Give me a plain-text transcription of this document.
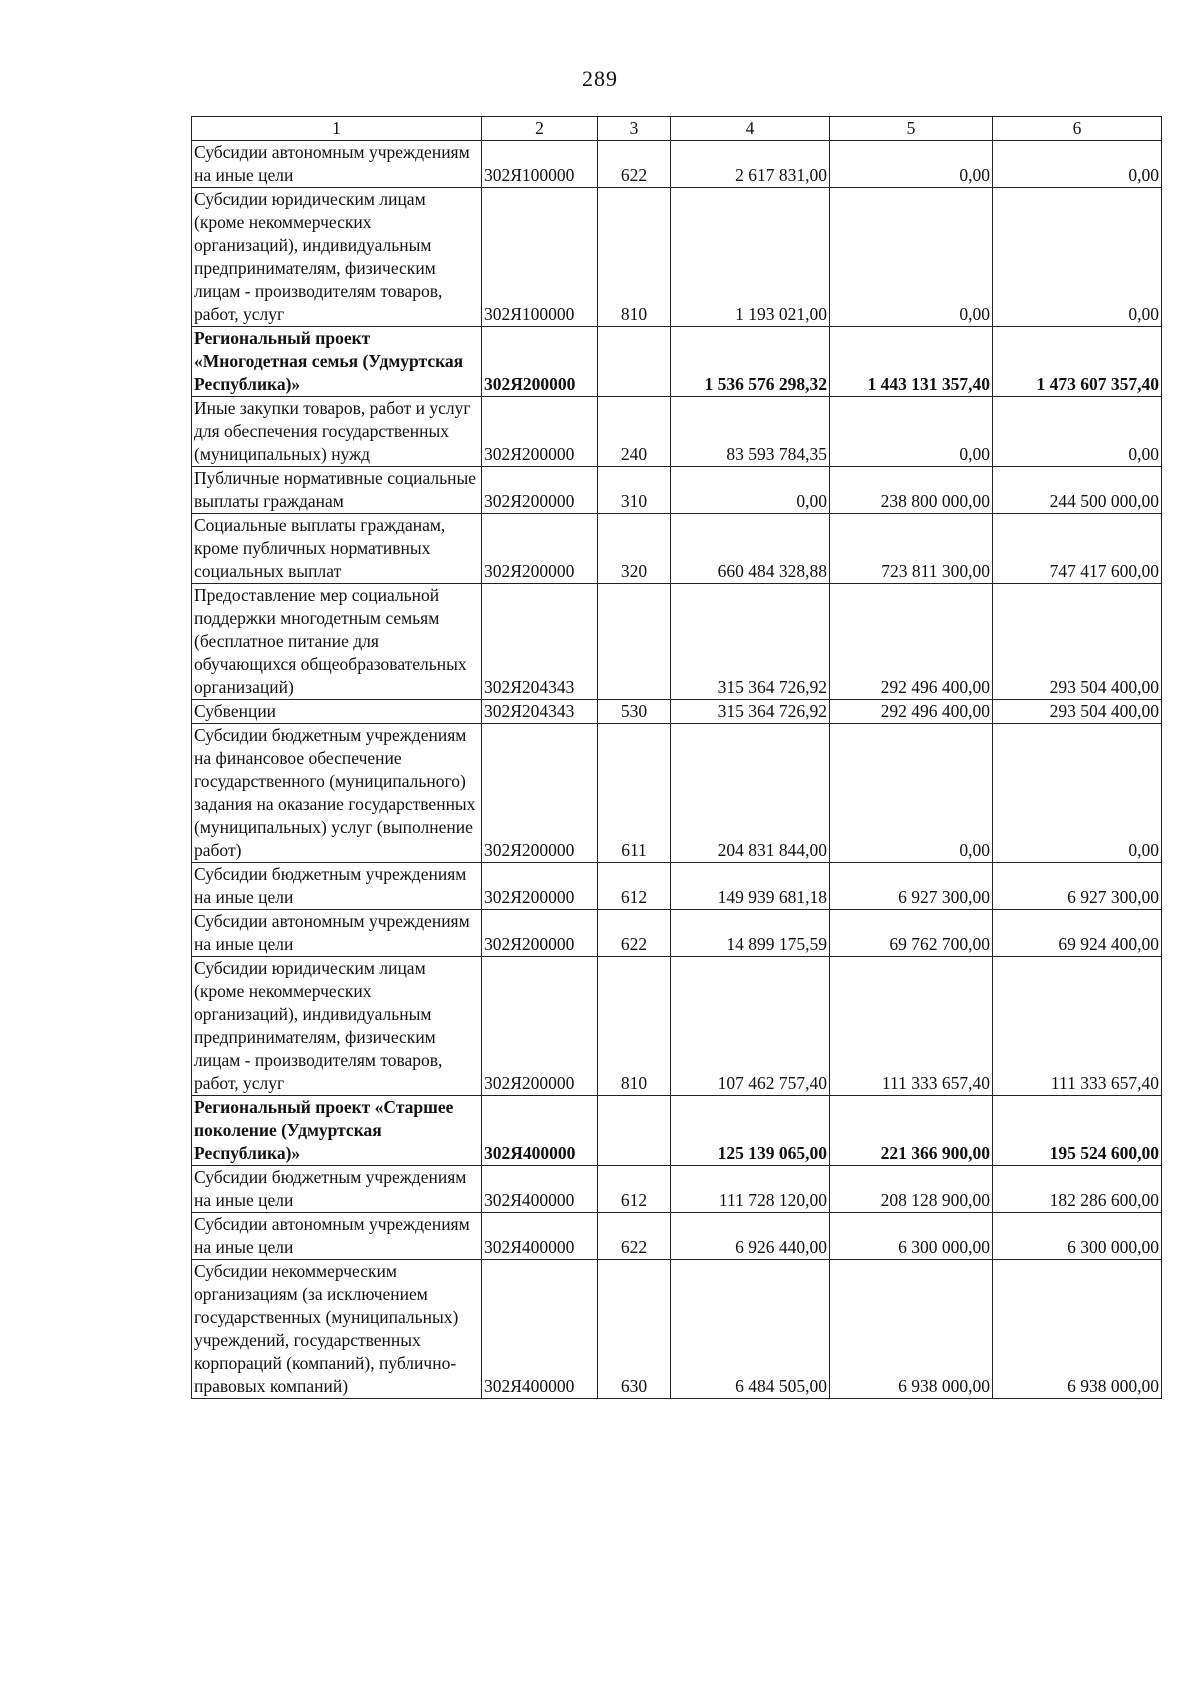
289
1	2	3	4	5	6
Субсидии автономным учреждениям на иные цели	302Я100000	622	2 617 831,00	0,00	0,00
Субсидии юридическим лицам (кроме некоммерческих организаций), индивидуальным предпринимателям, физическим лицам - производителям товаров, работ, услуг	302Я100000	810	1 193 021,00	0,00	0,00
Региональный проект «Многодетная семья (Удмуртская Республика)»	302Я200000		1 536 576 298,32	1 443 131 357,40	1 473 607 357,40
Иные закупки товаров, работ и услуг для обеспечения государственных (муниципальных) нужд	302Я200000	240	83 593 784,35	0,00	0,00
Публичные нормативные социальные выплаты гражданам	302Я200000	310	0,00	238 800 000,00	244 500 000,00
Социальные выплаты гражданам, кроме публичных нормативных социальных выплат	302Я200000	320	660 484 328,88	723 811 300,00	747 417 600,00
Предоставление мер социальной поддержки многодетным семьям (бесплатное питание для обучающихся общеобразовательных организаций)	302Я204343		315 364 726,92	292 496 400,00	293 504 400,00
Субвенции	302Я204343	530	315 364 726,92	292 496 400,00	293 504 400,00
Субсидии бюджетным учреждениям на финансовое обеспечение государственного (муниципального) задания на оказание государственных (муниципальных) услуг (выполнение работ)	302Я200000	611	204 831 844,00	0,00	0,00
Субсидии бюджетным учреждениям на иные цели	302Я200000	612	149 939 681,18	6 927 300,00	6 927 300,00
Субсидии автономным учреждениям на иные цели	302Я200000	622	14 899 175,59	69 762 700,00	69 924 400,00
Субсидии юридическим лицам (кроме некоммерческих организаций), индивидуальным предпринимателям, физическим лицам - производителям товаров, работ, услуг	302Я200000	810	107 462 757,40	111 333 657,40	111 333 657,40
Региональный проект «Старшее поколение (Удмуртская Республика)»	302Я400000		125 139 065,00	221 366 900,00	195 524 600,00
Субсидии бюджетным учреждениям на иные цели	302Я400000	612	111 728 120,00	208 128 900,00	182 286 600,00
Субсидии автономным учреждениям на иные цели	302Я400000	622	6 926 440,00	6 300 000,00	6 300 000,00
Субсидии некоммерческим организациям (за исключением государственных (муниципальных) учреждений, государственных корпораций (компаний), публично-правовых компаний)	302Я400000	630	6 484 505,00	6 938 000,00	6 938 000,00
